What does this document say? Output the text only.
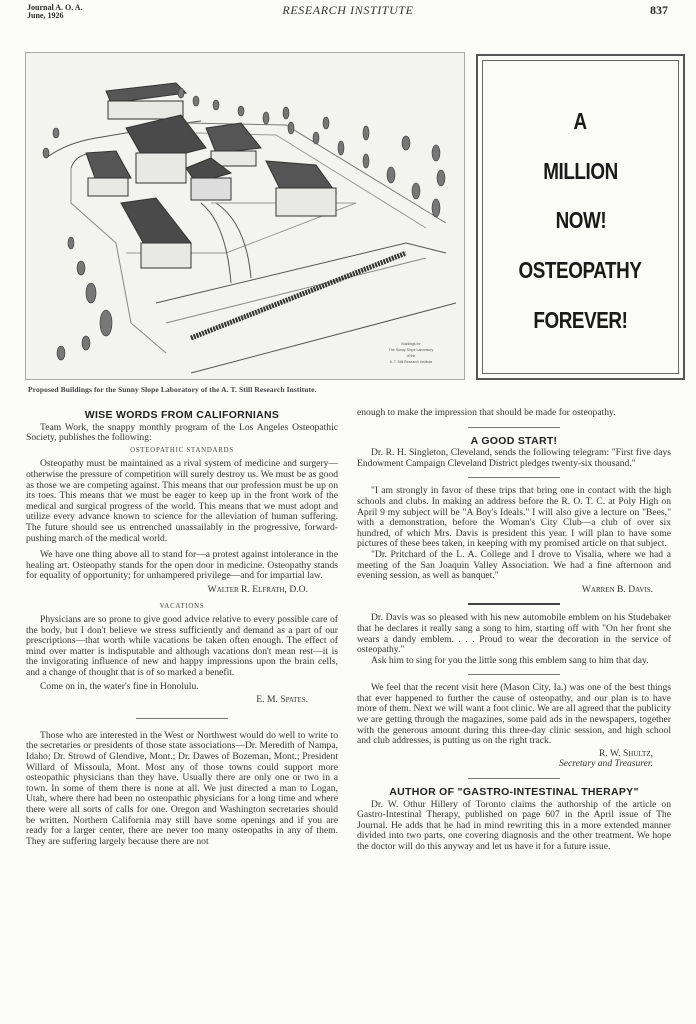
Journal A. O. A.
June, 1926	RESEARCH INSTITUTE	837
Buildings for
The Sunny Slope Laboratory
of the
A. T. Still Research Institute
Proposed Buildings for the Sunny Slope Laboratory of the A. T. Still Research Institute.
A
MILLION
NOW!
OSTEOPATHY
FOREVER!
WISE WORDS FROM CALIFORNIANS

Team Work, the snappy monthly program of the Los Angeles Osteopathic Society, publishes the following:

OSTEOPATHIC STANDARDS

Osteopathy must be maintained as a rival system of medicine and surgery—otherwise the pressure of competition will surely destroy us. We must be as good as those we are competing against. This means that our profession must be up on its toes. This means that we must be eager to keep up in the front work of the medical and surgical progress of the world. This means that we must adopt and utilize every advance known to science for the alleviation of human suffering. The future should see us entrenched unassailably in the progressive, forward-pushing march of the medical world.

We have one thing above all to stand for—a protest against intolerance in the healing art. Osteopathy stands for the open door in medicine. Osteopathy stands for equality of opportunity; for unhampered privilege—and for impartial law.

Walter R. Elfrath, D.O.
VACATIONS

Physicians are so prone to give good advice relative to every possible care of the body, but I don't believe we stress sufficiently and demand as a part of our prescriptions—that worth while vacations be taken often enough. The effect of mind over matter is indisputable and although vacations don't mean rest—it is the invigorating influence of new and happy impressions upon the brain cells, and a change of thought that is of so marked a benefit.

Come on in, the water's fine in Honolulu.

E. M. Spates.

Those who are interested in the West or Northwest would do well to write to the secretaries or presidents of those state associations—Dr. Meredith of Nampa, Idaho; Dr. Strowd of Glendive, Mont.; Dr. Dawes of Bozeman, Mont.; President Willard of Missoula, Mont. Most any of those towns could support more osteopathic physicians than they have. Usually there are only one or two in a town. In some of them there is none at all. We just directed a man to Logan, Utah, where there had been no osteopathic physicians for a long time and where there were all sorts of calls for one. Oregon and Washington secretaries should be written. Northern California may still have some openings and if you are ready for a larger center, there are never too many osteopaths in any of them. They are suffering largely because there are not

enough to make the impression that should be made for osteopathy.

A GOOD START!

Dr. R. H. Singleton, Cleveland, sends the following telegram: "First five days Endowment Campaign Cleveland District pledges twenty-six thousand."

"I am strongly in favor of these trips that bring one in contact with the high schools and clubs. In making an address before the R. O. T. C. at Poly High on April 9 my subject will be "A Boy's Ideals." I will also give a lecture on "Bees," with a demonstration, before the Woman's City Club—a club of over six hundred, of which Mrs. Davis is president this year. I will plan to have some pictures of these bees taken, in keeping with my promised article on that subject.

"Dr. Pritchard of the L. A. College and I drove to Visalia, where we had a meeting of the San Joaquin Valley Association. We had a fine afternoon and evening session, as well as banquet."

Warren B. Davis.

Dr. Davis was so pleased with his new automobile emblem on his Studebaker that he declares it really sang a song to him, starting off with "On her front she wears a dandy emblem. . . . Proud to wear the decoration in the service of osteopathy."

Ask him to sing for you the little song this emblem sang to him that day.

We feel that the recent visit here (Mason City, Ia.) was one of the best things that ever happened to further the cause of osteopathy, and our plan is to have more of them. Next we will want a foot clinic. We are all agreed that the publicity we are getting through the magazines, some paid ads in the newspapers, together with the generous amount during this three-day clinic session, and high school and club addresses, is putting us on the right track.

R. W. Shultz,
Secretary and Treasurer.
AUTHOR OF "GASTRO-INTESTINAL THERAPY"

Dr. W. Othur Hillery of Toronto claims the authorship of the article on Gastro-Intestinal Therapy, published on page 607 in the April issue of The Journal. He adds that he had in mind rewriting this in a more extended manner divided into two parts, one covering diagnosis and the other treatment. We hope the doctor will do this anyway and let us have it for a future issue.
